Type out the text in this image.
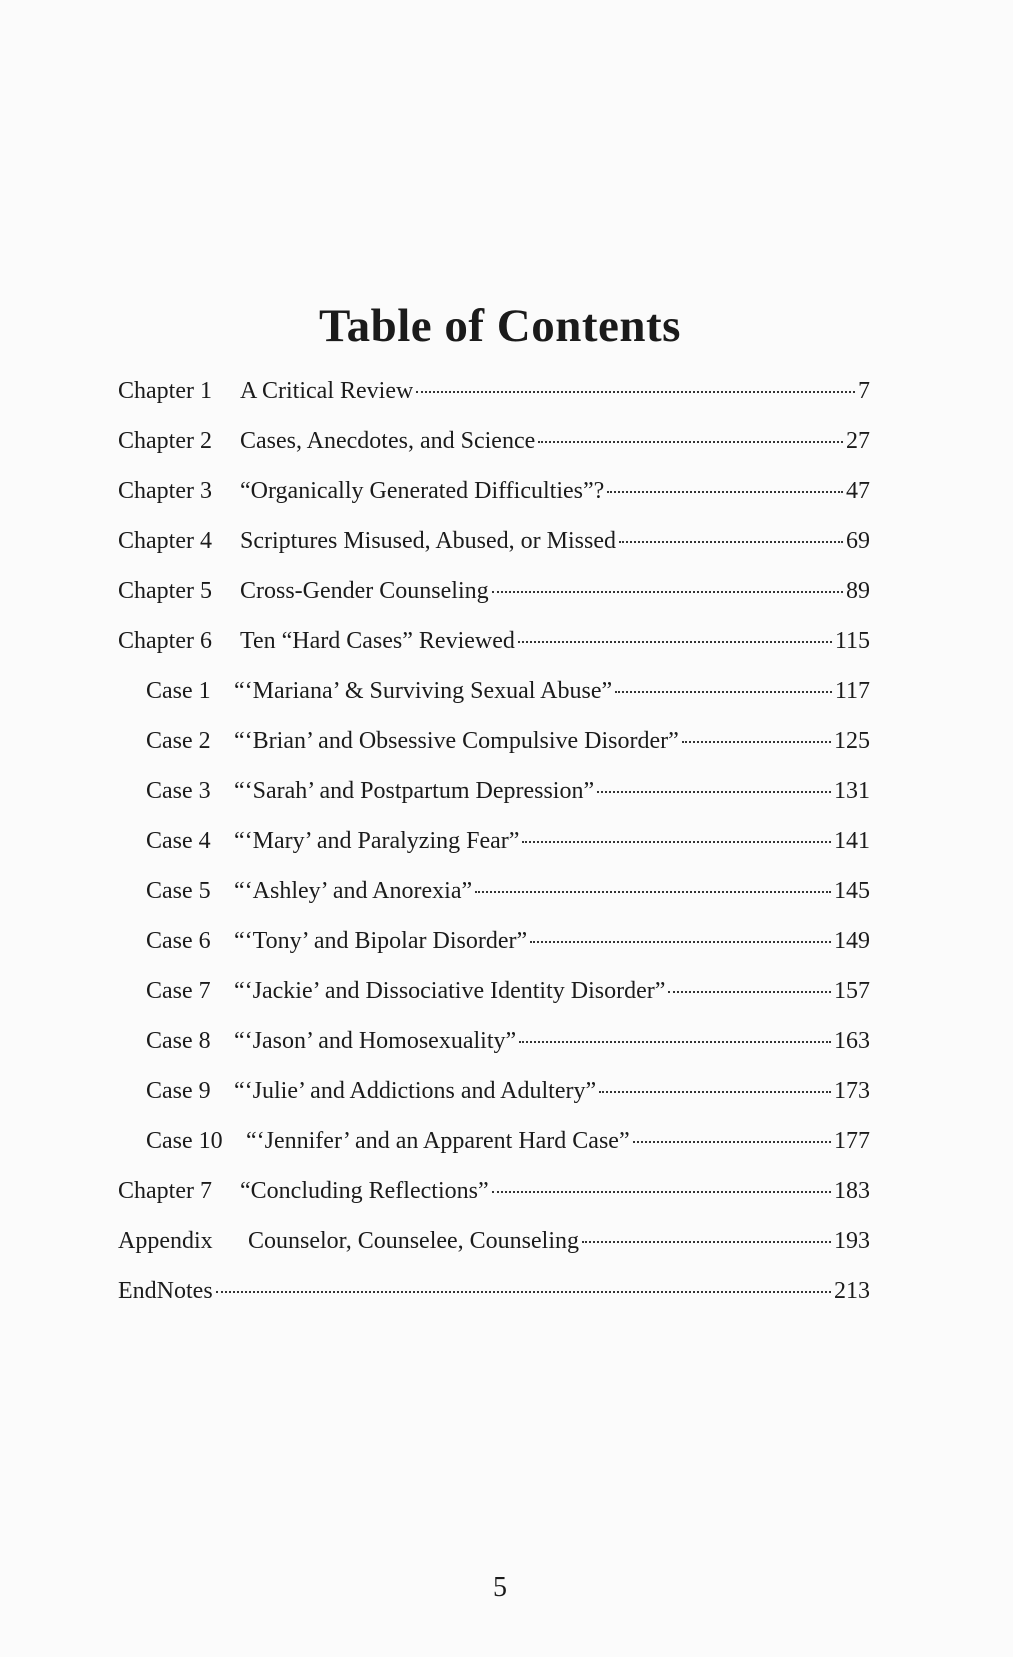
Table of Contents
Chapter 1	A Critical Review	7
Chapter 2	Cases, Anecdotes, and Science	27
Chapter 3	“Organically Generated Difficulties”?	47
Chapter 4	Scriptures Misused, Abused, or Missed	69
Chapter 5	Cross-Gender Counseling	89
Chapter 6	Ten “Hard Cases” Reviewed	115
Case 1 “‘Mariana’ & Surviving Sexual Abuse”	117
Case 2 “‘Brian’ and Obsessive Compulsive Disorder”	125
Case 3 “‘Sarah’ and Postpartum Depression”	131
Case 4 “‘Mary’ and Paralyzing Fear”	141
Case 5 “‘Ashley’ and Anorexia”	145
Case 6 “‘Tony’ and Bipolar Disorder”	149
Case 7 “‘Jackie’ and Dissociative Identity Disorder”	157
Case 8 “‘Jason’ and Homosexuality”	163
Case 9 “‘Julie’ and Addictions and Adultery”	173
Case 10 “‘Jennifer’ and an Apparent Hard Case”	177
Chapter 7	“Concluding Reflections”	183
Appendix	Counselor, Counselee, Counseling	193
EndNotes	213
5
